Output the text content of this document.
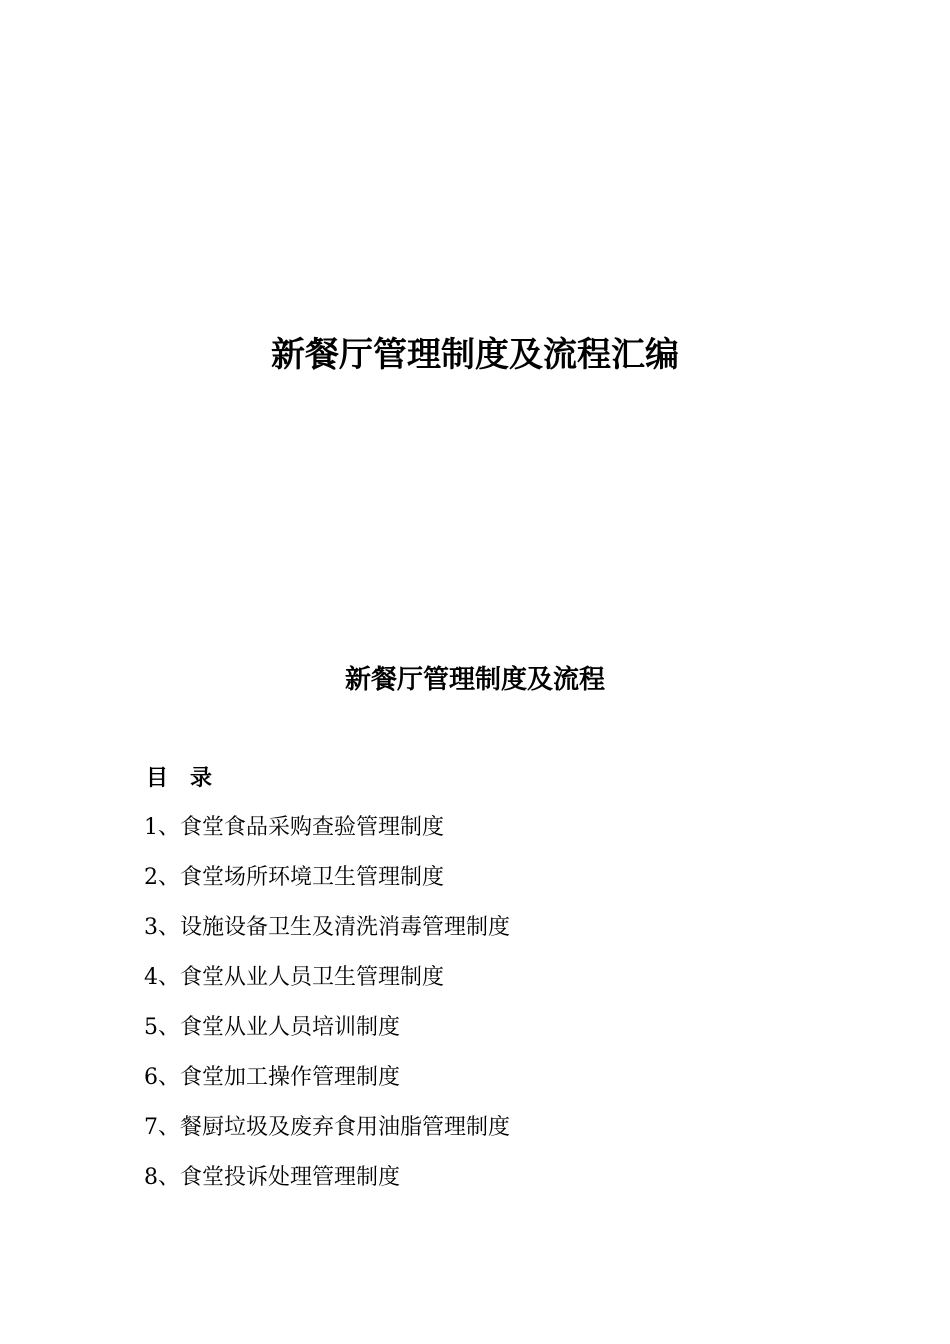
新餐厅管理制度及流程汇编
新餐厅管理制度及流程
目　录
1、食堂食品采购查验管理制度
2、食堂场所环境卫生管理制度
3、设施设备卫生及清洗消毒管理制度
4、食堂从业人员卫生管理制度
5、食堂从业人员培训制度
6、食堂加工操作管理制度
7、餐厨垃圾及废弃食用油脂管理制度
8、食堂投诉处理管理制度
